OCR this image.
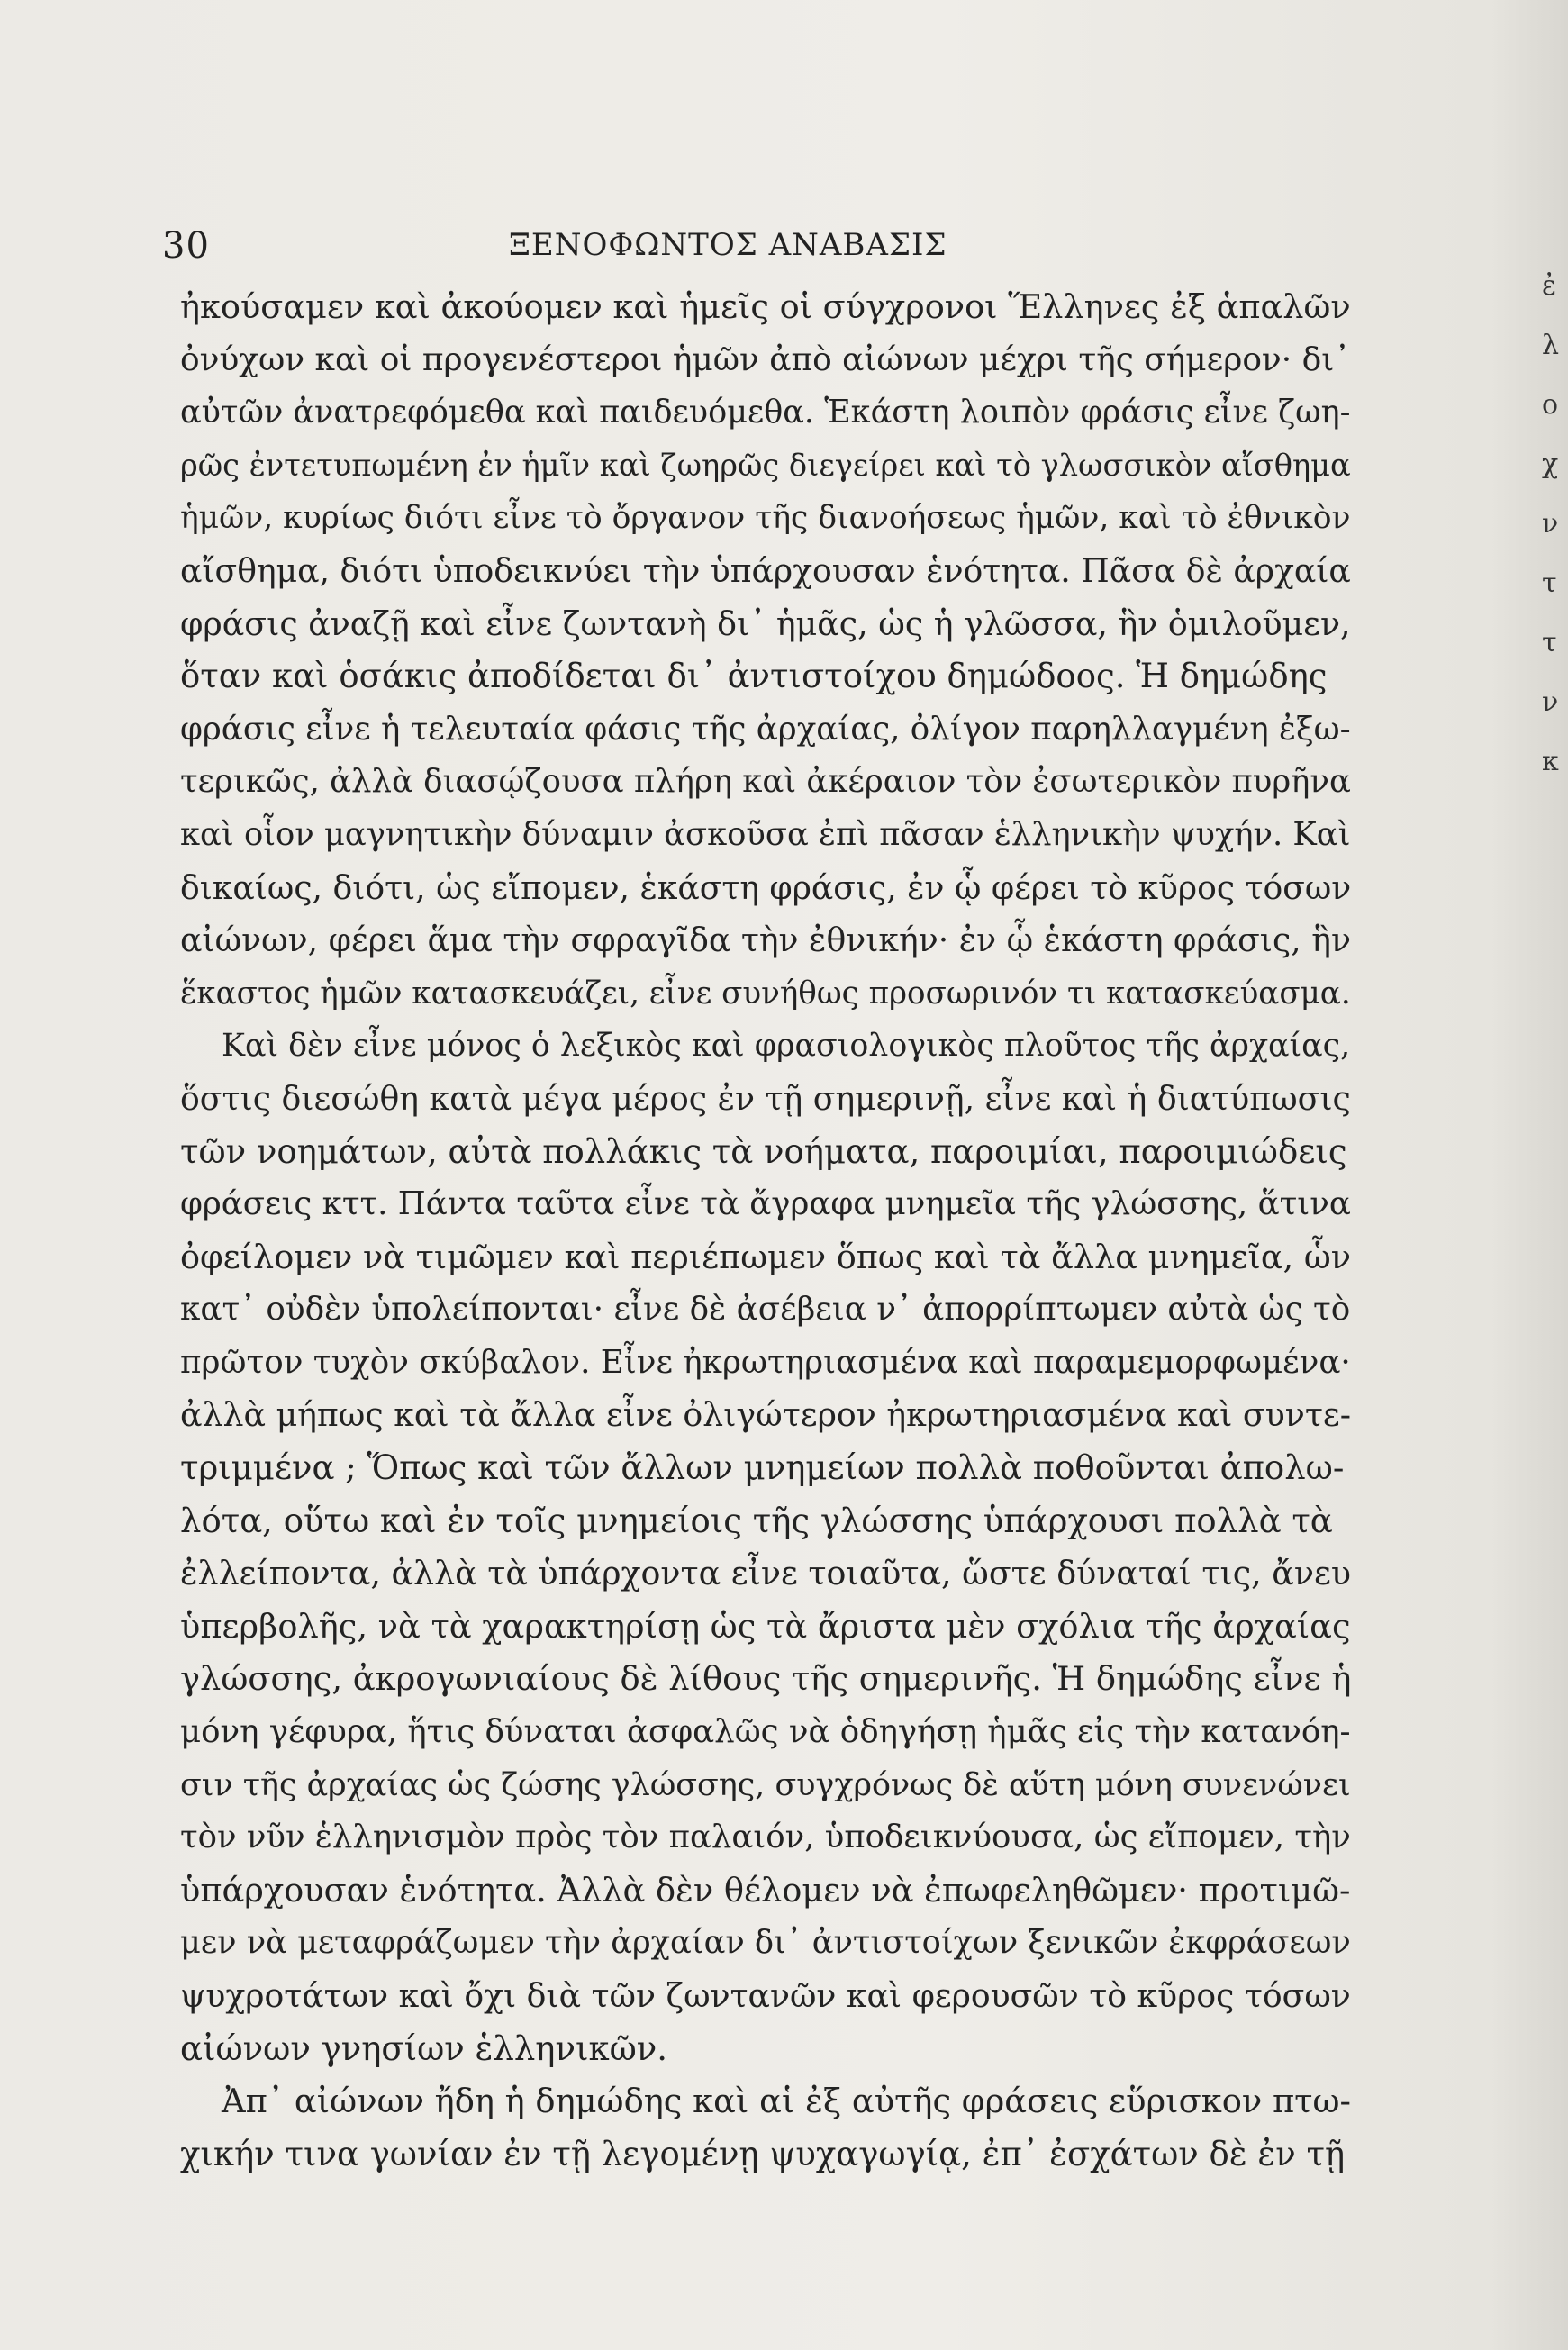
30	ΞΕΝΟΦΩΝΤΟΣ ΑΝΑΒΑΣΙΣ
ἠκούσαμεν καὶ ἀκούομεν καὶ ἡμεῖς οἱ σύγχρονοι Ἕλληνες ἐξ ἁπαλῶν
ὀνύχων καὶ οἱ προγενέστεροι ἡμῶν ἀπὸ αἰώνων μέχρι τῆς σήμερον· δι᾿
αὐτῶν ἀνατρεφόμεθα καὶ παιδευόμεθα. Ἑκάστη λοιπὸν φράσις εἶνε ζωη-
ρῶς ἐντετυπωμένη ἐν ἡμῖν καὶ ζωηρῶς διεγείρει καὶ τὸ γλωσσικὸν αἴσθημα
ἡμῶν, κυρίως διότι εἶνε τὸ ὄργανον τῆς διανοήσεως ἡμῶν, καὶ τὸ ἐθνικὸν
αἴσθημα, διότι ὑποδεικνύει τὴν ὑπάρχουσαν ἑνότητα. Πᾶσα δὲ ἀρχαία
φράσις ἀναζῇ καὶ εἶνε ζωντανὴ δι᾿ ἡμᾶς, ὡς ἡ γλῶσσα, ἣν ὁμιλοῦμεν,
ὅταν καὶ ὁσάκις ἀποδίδεται δι᾿ ἀντιστοίχου δημώδοος. Ἡ δημώδης
φράσις εἶνε ἡ τελευταία φάσις τῆς ἀρχαίας, ὀλίγον παρηλλαγμένη ἐξω-
τερικῶς, ἀλλὰ διασῴζουσα πλήρη καὶ ἀκέραιον τὸν ἐσωτερικὸν πυρῆνα
καὶ οἷον μαγνητικὴν δύναμιν ἀσκοῦσα ἐπὶ πᾶσαν ἑλληνικὴν ψυχήν. Καὶ
δικαίως, διότι, ὡς εἴπομεν, ἑκάστη φράσις, ἐν ᾧ φέρει τὸ κῦρος τόσων
αἰώνων, φέρει ἅμα τὴν σφραγῖδα τὴν ἐθνικήν· ἐν ᾧ ἑκάστη φράσις, ἣν
ἕκαστος ἡμῶν κατασκευάζει, εἶνε συνήθως προσωρινόν τι κατασκεύασμα.
Καὶ δὲν εἶνε μόνος ὁ λεξικὸς καὶ φρασιολογικὸς πλοῦτος τῆς ἀρχαίας,
ὅστις διεσώθη κατὰ μέγα μέρος ἐν τῇ σημερινῇ, εἶνε καὶ ἡ διατύπωσις
τῶν νοημάτων, αὐτὰ πολλάκις τὰ νοήματα, παροιμίαι, παροιμιώδεις
φράσεις κττ. Πάντα ταῦτα εἶνε τὰ ἄγραφα μνημεῖα τῆς γλώσσης, ἅτινα
ὀφείλομεν νὰ τιμῶμεν καὶ περιέπωμεν ὅπως καὶ τὰ ἄλλα μνημεῖα, ὧν
κατ᾿ οὐδὲν ὑπολείπονται· εἶνε δὲ ἀσέβεια ν᾿ ἀπορρίπτωμεν αὐτὰ ὡς τὸ
πρῶτον τυχὸν σκύβαλον. Εἶνε ἠκρωτηριασμένα καὶ παραμεμορφωμένα·
ἀλλὰ μήπως καὶ τὰ ἄλλα εἶνε ὀλιγώτερον ἠκρωτηριασμένα καὶ συντε-
τριμμένα ; Ὅπως καὶ τῶν ἄλλων μνημείων πολλὰ ποθοῦνται ἀπολω-
λότα, οὕτω καὶ ἐν τοῖς μνημείοις τῆς γλώσσης ὑπάρχουσι πολλὰ τὰ
ἐλλείποντα, ἀλλὰ τὰ ὑπάρχοντα εἶνε τοιαῦτα, ὥστε δύναταί τις, ἄνευ
ὑπερβολῆς, νὰ τὰ χαρακτηρίσῃ ὡς τὰ ἄριστα μὲν σχόλια τῆς ἀρχαίας
γλώσσης, ἀκρογωνιαίους δὲ λίθους τῆς σημερινῆς. Ἡ δημώδης εἶνε ἡ
μόνη γέφυρα, ἥτις δύναται ἀσφαλῶς νὰ ὁδηγήσῃ ἡμᾶς εἰς τὴν κατανόη-
σιν τῆς ἀρχαίας ὡς ζώσης γλώσσης, συγχρόνως δὲ αὕτη μόνη συνενώνει
τὸν νῦν ἑλληνισμὸν πρὸς τὸν παλαιόν, ὑποδεικνύουσα, ὡς εἴπομεν, τὴν
ὑπάρχουσαν ἑνότητα. Ἀλλὰ δὲν θέλομεν νὰ ἐπωφεληθῶμεν· προτιμῶ-
μεν νὰ μεταφράζωμεν τὴν ἀρχαίαν δι᾿ ἀντιστοίχων ξενικῶν ἐκφράσεων
ψυχροτάτων καὶ ὄχι διὰ τῶν ζωντανῶν καὶ φερουσῶν τὸ κῦρος τόσων
αἰώνων γνησίων ἑλληνικῶν.
Ἀπ᾿ αἰώνων ἤδη ἡ δημώδης καὶ αἱ ἐξ αὐτῆς φράσεις εὕρισκον πτω-
χικήν τινα γωνίαν ἐν τῇ λεγομένῃ ψυχαγωγίᾳ, ἐπ᾿ ἐσχάτων δὲ ἐν τῇ
ἐ
λ
ο
χ
ν
τ
τ
ν
κ
